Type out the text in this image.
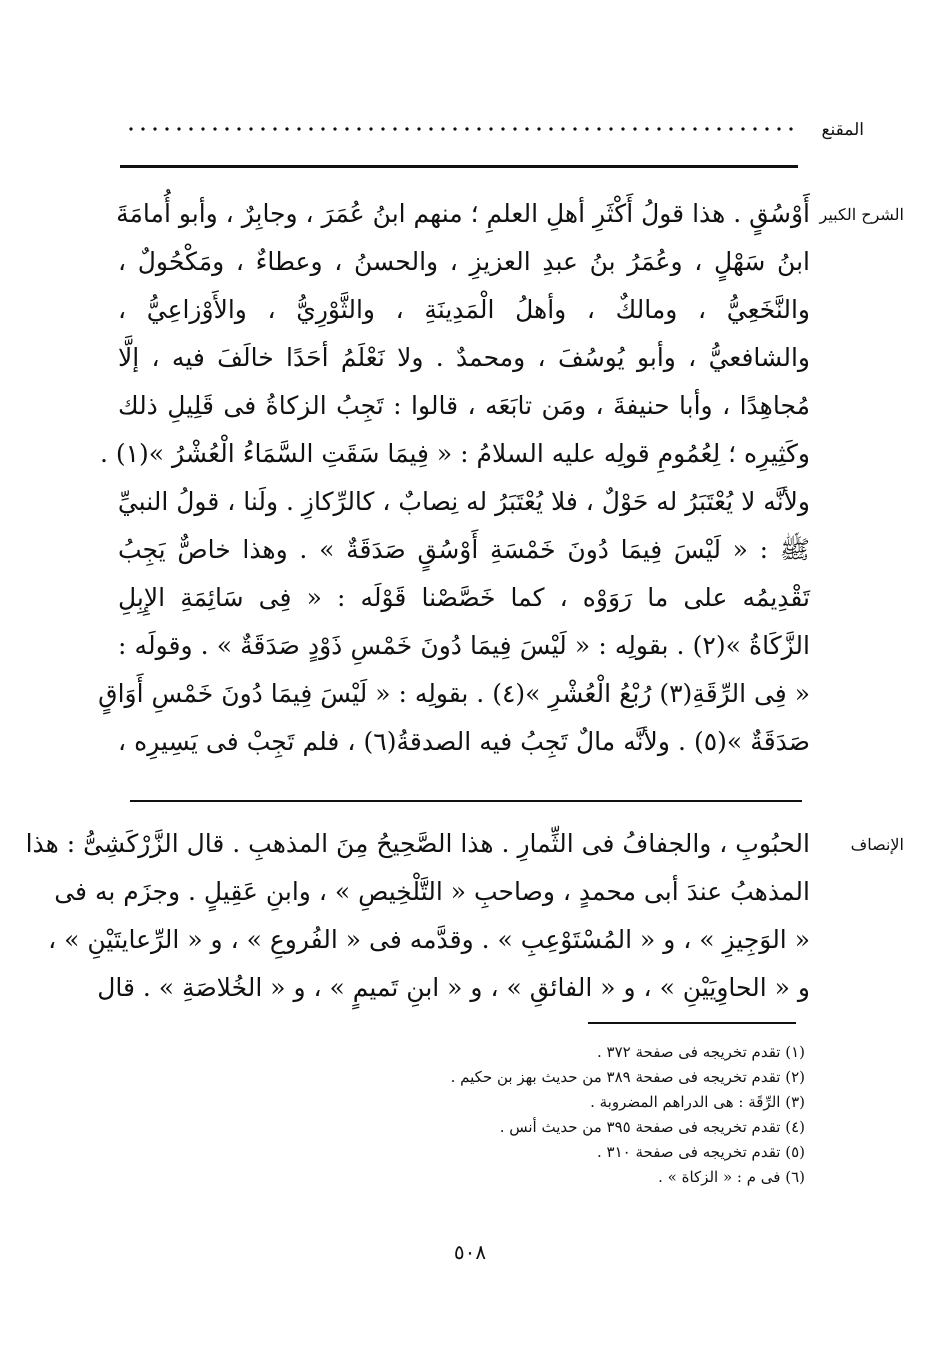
المقنع
الشرح الكبير
أَوْسُقٍ . هذا قولُ أَكْثَرِ أهلِ العلمِ ؛ منهم ابنُ عُمَرَ ، وجابِرٌ ، وأبو أُمامَةَ
ابنُ سَهْلٍ ، وعُمَرُ بنُ عبدِ العزيزِ ، والحسنُ ، وعطاءٌ ، ومَكْحُولٌ ،
والنَّخَعِيُّ ، ومالكٌ ، وأهلُ الْمَدِينَةِ ، والثَّوْرِيُّ ، والأَوْزاعِيُّ ،
والشافعيُّ ، وأبو يُوسُفَ ، ومحمدٌ . ولا نَعْلَمُ أحَدًا خالَفَ فيه ، إلَّا
مُجاهِدًا ، وأبا حنيفةَ ، ومَن تابَعَه ، قالوا : تَجِبُ الزكاةُ فى قَلِيلِ ذلك
وكَثِيرِه ؛ لِعُمُومِ قولِه عليه السلامُ : « فِيمَا سَقَتِ السَّمَاءُ الْعُشْرُ »(١) .
ولأنَّه لا يُعْتَبَرُ له حَوْلٌ ، فلا يُعْتَبَرُ له نِصابٌ ، كالرِّكازِ . ولَنا ، قولُ النبيِّ
ﷺ : « لَيْسَ فِيمَا دُونَ خَمْسَةِ أَوْسُقٍ صَدَقَةٌ » . وهذا خاصٌّ يَجِبُ
تَقْدِيمُه على ما رَوَوْه ، كما خَصَّصْنا قَوْلَه : « فِى سَائِمَةِ الإِبِلِ
الزَّكَاةُ »(٢) . بقولِه : « لَيْسَ فِيمَا دُونَ خَمْسِ ذَوْدٍ صَدَقَةٌ » . وقولَه :
« فِى الرِّقَةِ(٣) رُبْعُ الْعُشْرِ »(٤) . بقولِه : « لَيْسَ فِيمَا دُونَ خَمْسِ أَوَاقٍ
صَدَقَةٌ »(٥) . ولأنَّه مالٌ تَجِبُ فيه الصدقةُ(٦) ، فلم تَجِبْ فى يَسِيرِه ،
الإنصاف
الحبُوبِ ، والجفافُ فى الثِّمارِ . هذا الصَّحِيحُ مِنَ المذهبِ . قال الزَّرْكَشِىُّ : هذا
المذهبُ عندَ أبى محمدٍ ، وصاحبِ « التَّلْخِيصِ » ، وابنِ عَقِيلٍ . وجزَم به فى
« الوَجِيزِ » ، و « المُسْتَوْعِبِ » . وقدَّمه فى « الفُروعِ » ، و « الرِّعايتَيْنِ » ،
و « الحاوِيَيْنِ » ، و « الفائقِ » ، و « ابنِ تَميمٍ » ، و « الخُلاصَةِ » . قال
(١) تقدم تخريجه فى صفحة ٣٧٢ .
(٢) تقدم تخريجه فى صفحة ٣٨٩ من حديث بهز بن حكيم .
(٣) الرِّقَة : هى الدراهم المضروبة .
(٤) تقدم تخريجه فى صفحة ٣٩٥ من حديث أنس .
(٥) تقدم تخريجه فى صفحة ٣١٠ .
(٦) فى م : « الزكاة » .
٥٠٨
